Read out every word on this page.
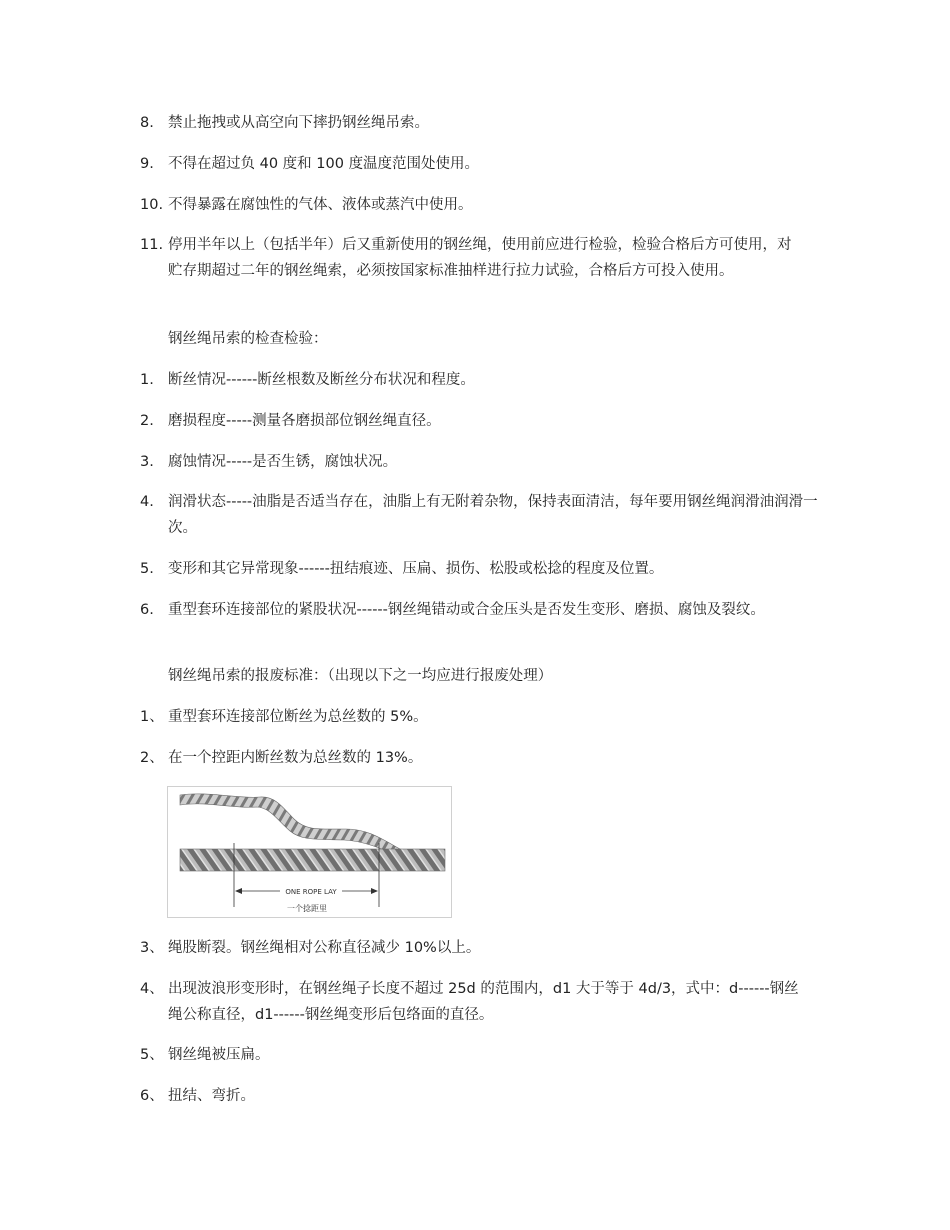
8. 禁止拖拽或从高空向下摔扔钢丝绳吊索。
9. 不得在超过负 40 度和 100 度温度范围处使用。
10. 不得暴露在腐蚀性的气体、液体或蒸汽中使用。
11. 停用半年以上（包括半年）后又重新使用的钢丝绳，使用前应进行检验，检验合格后方可使用，对贮存期超过二年的钢丝绳索，必须按国家标准抽样进行拉力试验，合格后方可投入使用。
钢丝绳吊索的检查检验：
1. 断丝情况------断丝根数及断丝分布状况和程度。
2. 磨损程度-----测量各磨损部位钢丝绳直径。
3. 腐蚀情况-----是否生锈，腐蚀状况。
4. 润滑状态-----油脂是否适当存在，油脂上有无附着杂物，保持表面清洁，每年要用钢丝绳润滑油润滑一次。
5. 变形和其它异常现象------扭结痕迹、压扁、损伤、松股或松捻的程度及位置。
6. 重型套环连接部位的紧股状况------钢丝绳错动或合金压头是否发生变形、磨损、腐蚀及裂纹。
钢丝绳吊索的报废标准：（出现以下之一均应进行报废处理）
1、 重型套环连接部位断丝为总丝数的 5%。
2、 在一个控距内断丝数为总丝数的 13%。
ONE ROPE LAY
一个捻距里
3、 绳股断裂。钢丝绳相对公称直径减少 10%以上。
4、 出现波浪形变形时，在钢丝绳子长度不超过 25d 的范围内，d1 大于等于 4d/3，式中：d------钢丝绳公称直径，d1------钢丝绳变形后包络面的直径。
5、 钢丝绳被压扁。
6、 扭结、弯折。
